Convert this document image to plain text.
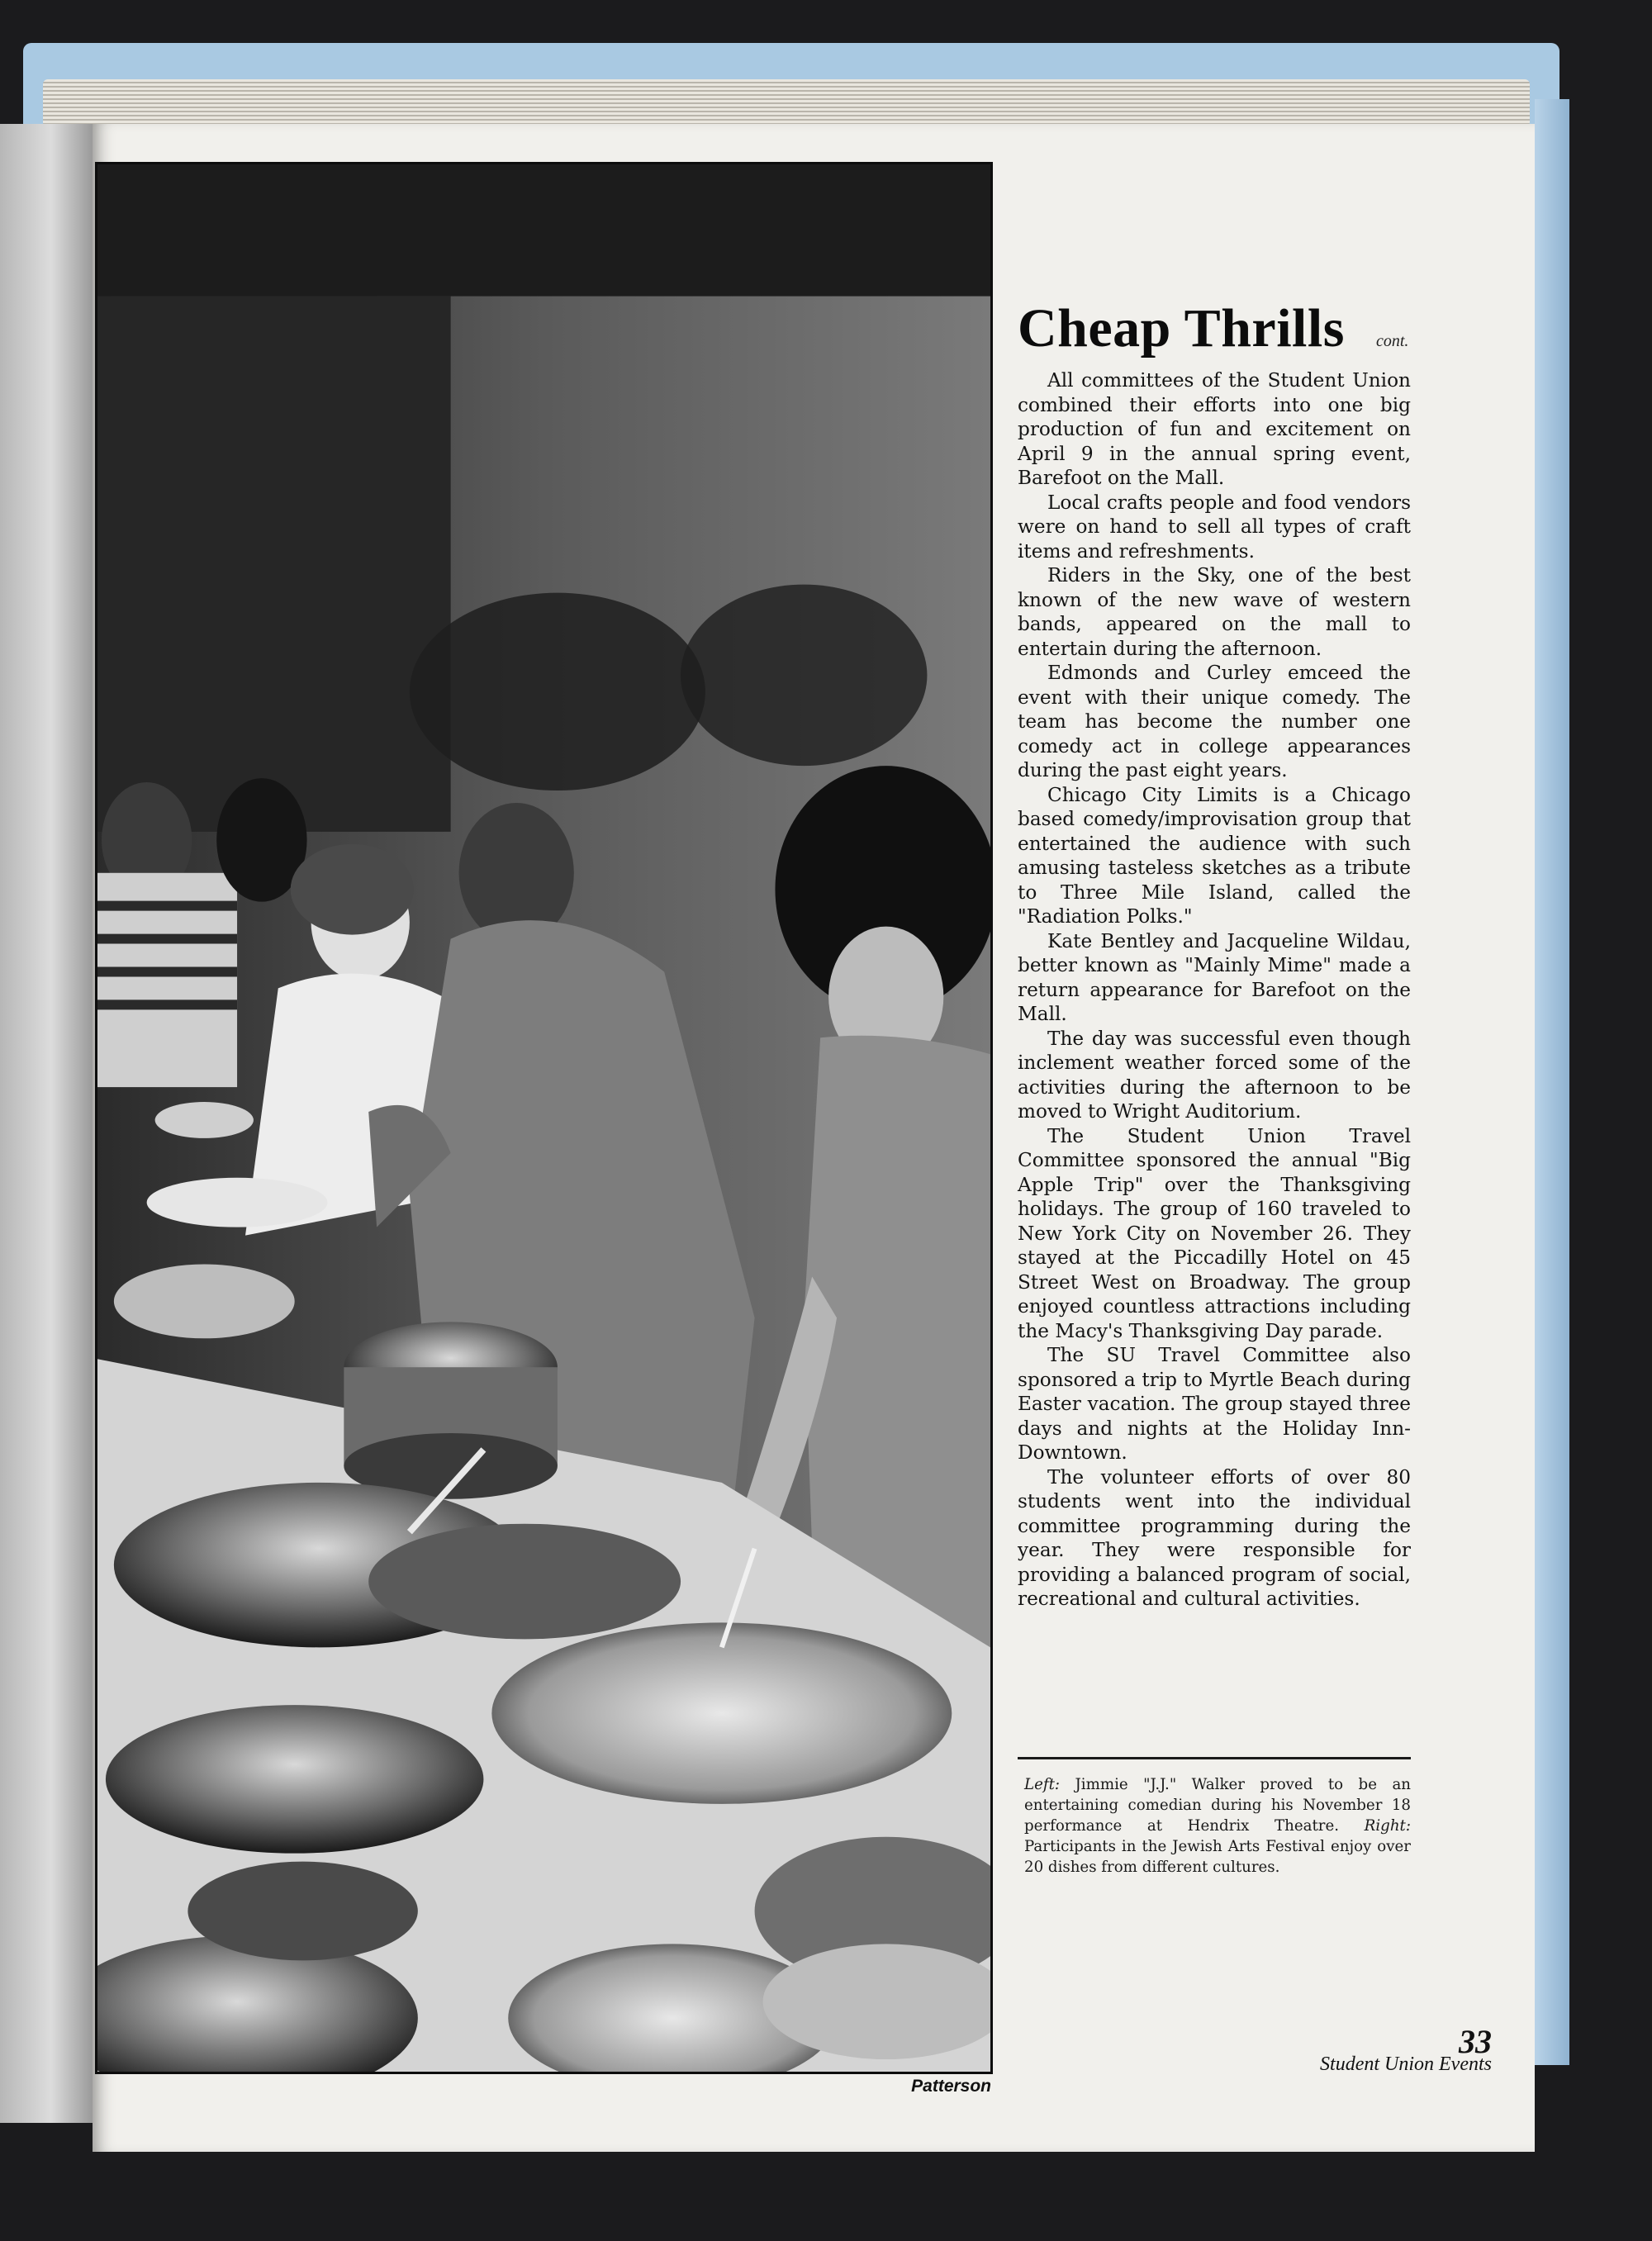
Patterson
Cheap Thrills	cont.

All committees of the Student Union combined their efforts into one big production of fun and excitement on April 9 in the annual spring event, Barefoot on the Mall.

Local crafts people and food vendors were on hand to sell all types of craft items and refreshments.

Riders in the Sky, one of the best known of the new wave of western bands, appeared on the mall to entertain during the afternoon.

Edmonds and Curley emceed the event with their unique comedy. The team has become the number one comedy act in college appearances during the past eight years.

Chicago City Limits is a Chicago based comedy/improvisation group that entertained the audience with such amusing tasteless sketches as a tribute to Three Mile Island, called the "Radiation Polks."

Kate Bentley and Jacqueline Wildau, better known as "Mainly Mime" made a return appearance for Barefoot on the Mall.

The day was successful even though inclement weather forced some of the activities during the afternoon to be moved to Wright Auditorium.

The Student Union Travel Committee sponsored the annual "Big Apple Trip" over the Thanksgiving holidays. The group of 160 traveled to New York City on November 26. They stayed at the Piccadilly Hotel on 45 Street West on Broadway. The group enjoyed countless attractions including the Macy's Thanksgiving Day parade.

The SU Travel Committee also sponsored a trip to Myrtle Beach during Easter vacation. The group stayed three days and nights at the Holiday Inn-Downtown.

The volunteer efforts of over 80 students went into the individual committee programming during the year. They were responsible for providing a balanced program of social, recreational and cultural activities.

Left: Jimmie "J.J." Walker proved to be an entertaining comedian during his November 18 performance at Hendrix Theatre. Right: Participants in the Jewish Arts Festival enjoy over 20 dishes from different cultures.
33
Student Union Events
